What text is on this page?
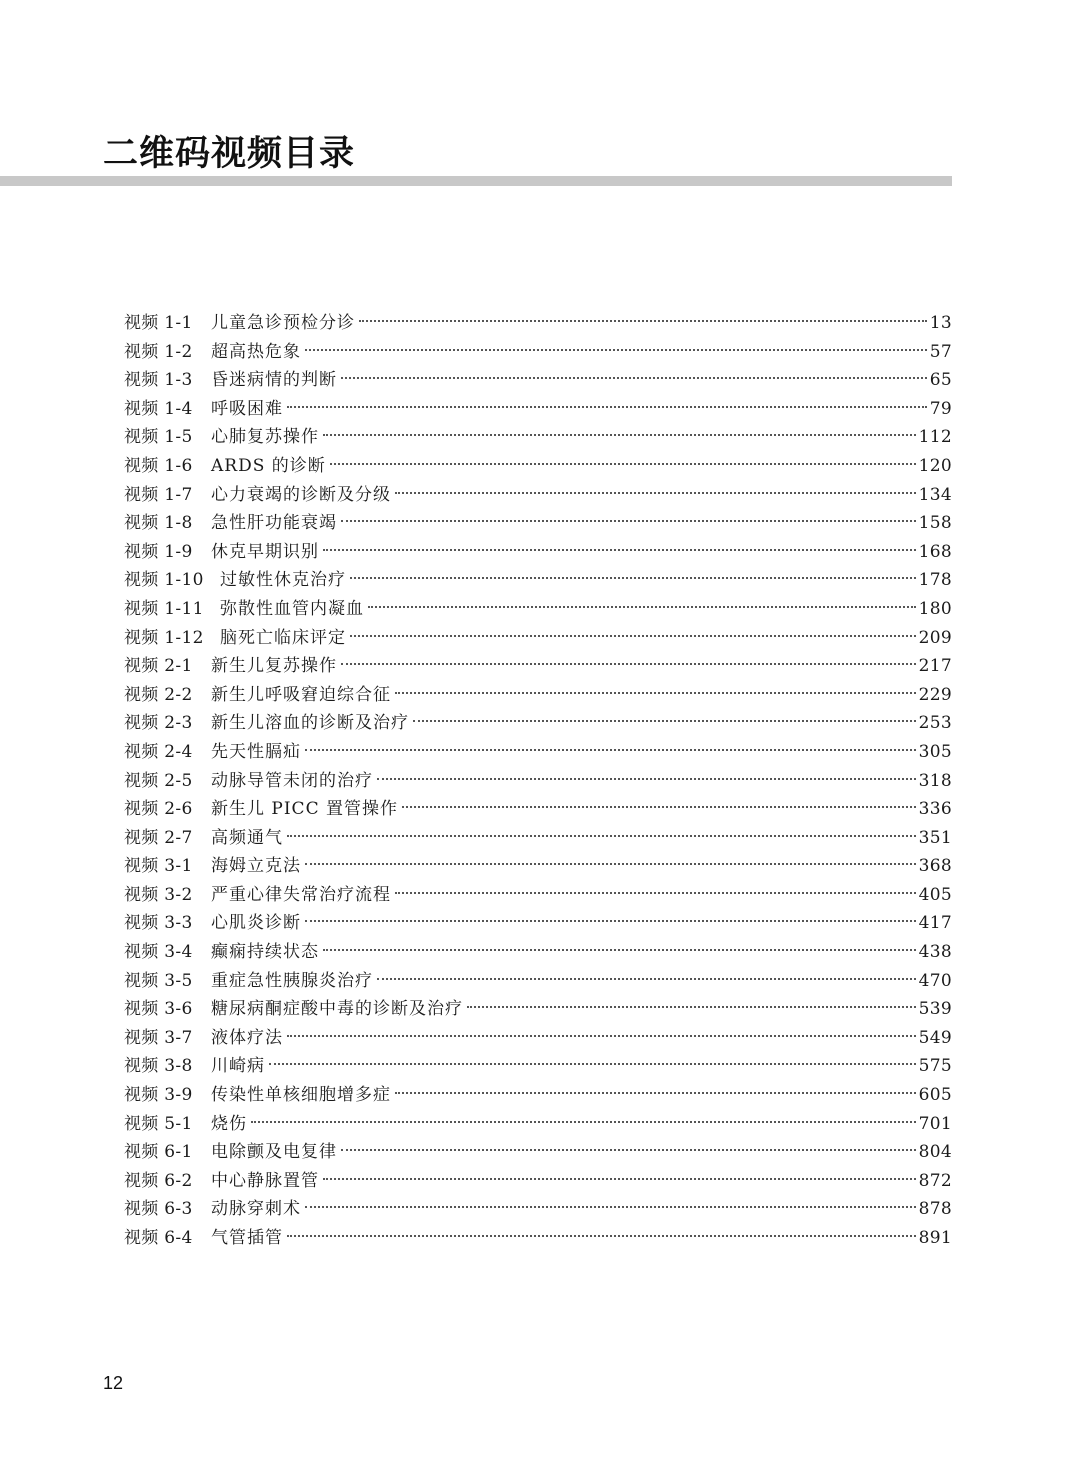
二维码视频目录
视频 1-1	儿童急诊预检分诊	13
视频 1-2	超高热危象	57
视频 1-3	昏迷病情的判断	65
视频 1-4	呼吸困难	79
视频 1-5	心肺复苏操作	112
视频 1-6	ARDS 的诊断	120
视频 1-7	心力衰竭的诊断及分级	134
视频 1-8	急性肝功能衰竭	158
视频 1-9	休克早期识别	168
视频 1-10 过敏性休克治疗	178
视频 1-11 弥散性血管内凝血	180
视频 1-12 脑死亡临床评定	209
视频 2-1	新生儿复苏操作	217
视频 2-2	新生儿呼吸窘迫综合征	229
视频 2-3	新生儿溶血的诊断及治疗	253
视频 2-4	先天性膈疝	305
视频 2-5	动脉导管未闭的治疗	318
视频 2-6	新生儿 PICC 置管操作	336
视频 2-7	高频通气	351
视频 3-1	海姆立克法	368
视频 3-2	严重心律失常治疗流程	405
视频 3-3	心肌炎诊断	417
视频 3-4	癫痫持续状态	438
视频 3-5	重症急性胰腺炎治疗	470
视频 3-6	糖尿病酮症酸中毒的诊断及治疗	539
视频 3-7	液体疗法	549
视频 3-8	川崎病	575
视频 3-9	传染性单核细胞增多症	605
视频 5-1	烧伤	701
视频 6-1	电除颤及电复律	804
视频 6-2	中心静脉置管	872
视频 6-3	动脉穿刺术	878
视频 6-4	气管插管	891
12
